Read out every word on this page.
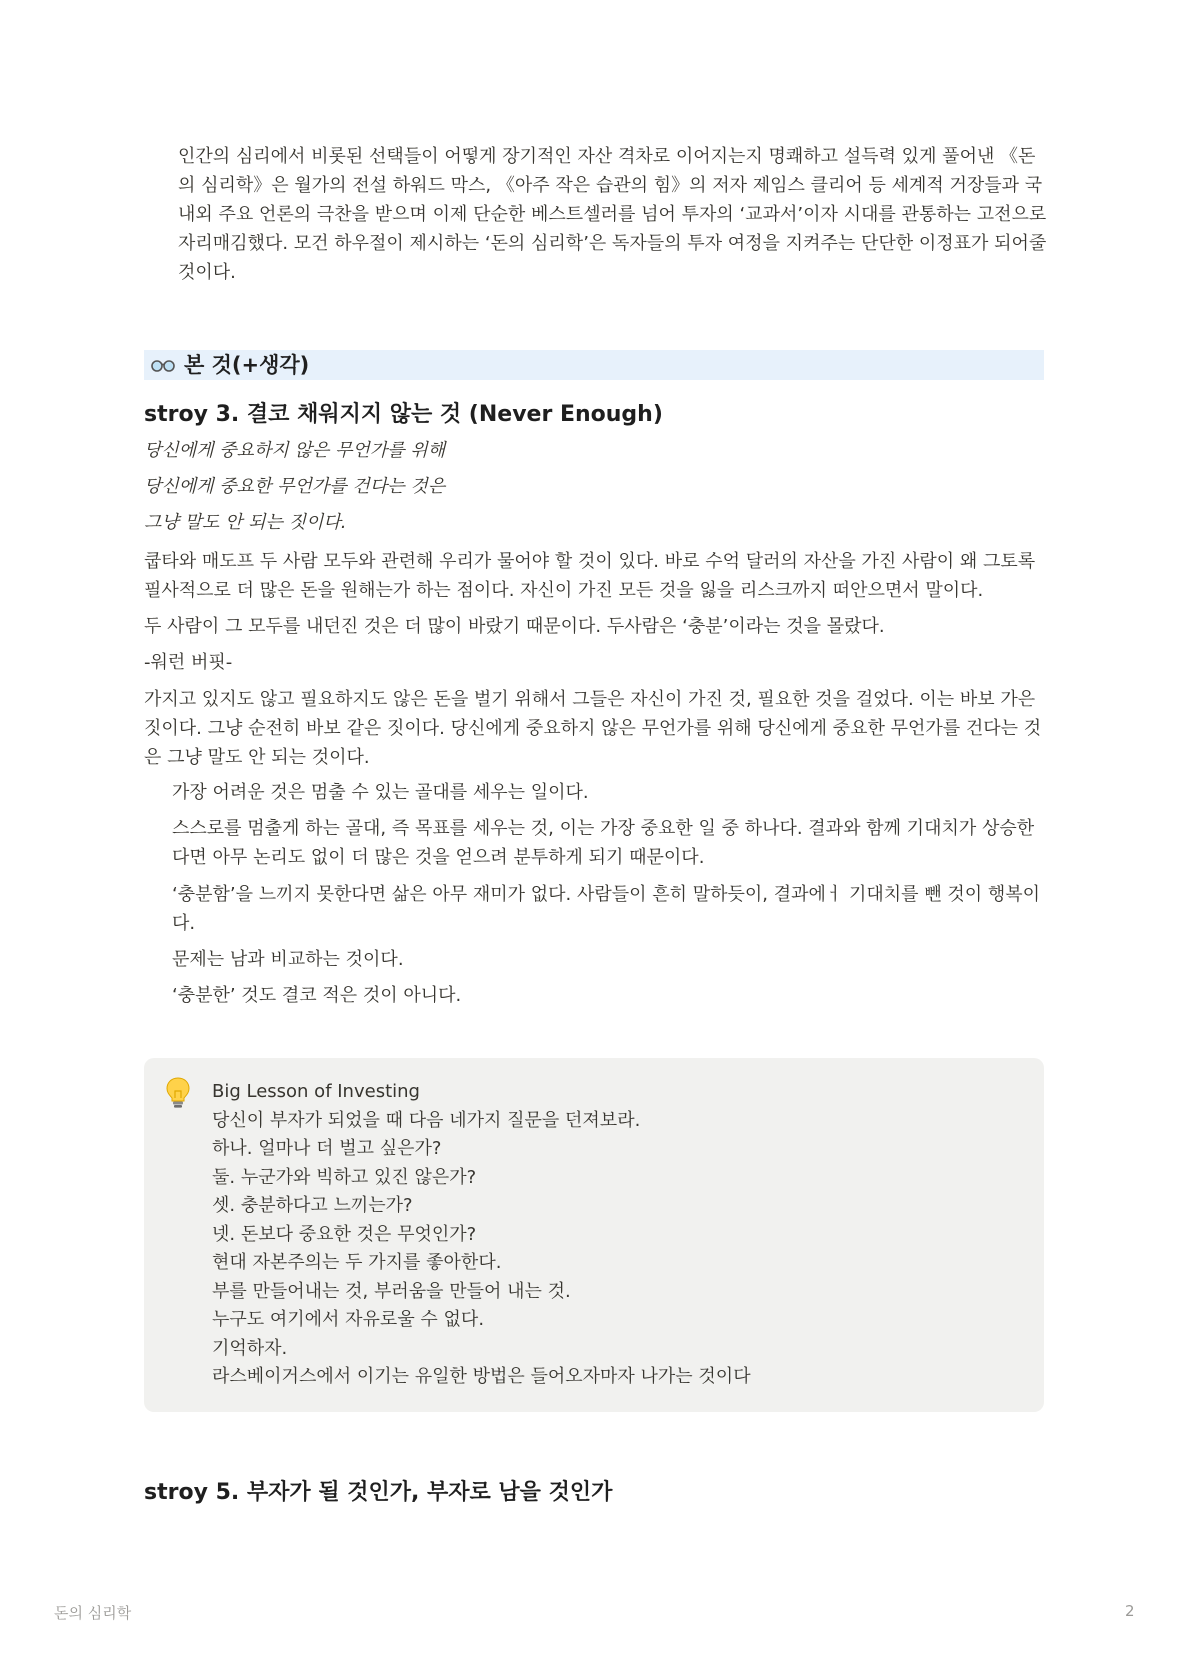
인간의 심리에서 비롯된 선택들이 어떻게 장기적인 자산 격차로 이어지는지 명쾌하고 설득력 있게 풀어낸 《돈의 심리학》은 월가의 전설 하워드 막스, 《아주 작은 습관의 힘》의 저자 제임스 클리어 등 세계적 거장들과 국내외 주요 언론의 극찬을 받으며 이제 단순한 베스트셀러를 넘어 투자의 ‘교과서’이자 시대를 관통하는 고전으로 자리매김했다. 모건 하우절이 제시하는 ‘돈의 심리학’은 독자들의 투자 여정을 지켜주는 단단한 이정표가 되어줄 것이다.

본 것(+생각)
stroy 3. 결코 채워지지 않는 것 (Never Enough)

당신에게 중요하지 않은 무언가를 위해

당신에게 중요한 무언가를 건다는 것은

그냥 말도 안 되는 짓이다.

쿱타와 매도프 두 사람 모두와 관련해 우리가 물어야 할 것이 있다. 바로 수억 달러의 자산을 가진 사람이 왜 그토록 필사적으로 더 많은 돈을 원해는가 하는 점이다. 자신이 가진 모든 것을 잃을 리스크까지 떠안으면서 말이다.

두 사람이 그 모두를 내던진 것은 더 많이 바랐기 때문이다. 두사람은 ‘충분’이라는 것을 몰랐다.

-워런 버핏-

가지고 있지도 않고 필요하지도 않은 돈을 벌기 위해서 그들은 자신이 가진 것, 필요한 것을 걸었다. 이는 바보 가은 짓이다. 그냥 순전히 바보 같은 짓이다. 당신에게 중요하지 않은 무언가를 위해 당신에게 중요한 무언가를 건다는 것은 그냥 말도 안 되는 것이다.

가장 어려운 것은 멈출 수 있는 골대를 세우는 일이다.

스스로를 멈출게 하는 골대, 즉 목표를 세우는 것, 이는 가장 중요한 일 중 하나다. 결과와 함께 기대치가 상승한다면 아무 논리도 없이 더 많은 것을 얻으려 분투하게 되기 때문이다.

‘충분함’을 느끼지 못한다면 삶은 아무 재미가 없다. 사람들이 흔히 말하듯이, 결과에ㅓ 기대치를 뺀 것이 행복이다.

문제는 남과 비교하는 것이다.

‘충분한’ 것도 결코 적은 것이 아니다.

Big Lesson of Investing
당신이 부자가 되었을 때 다음 네가지 질문을 던져보라.
하나. 얼마나 더 벌고 싶은가?
둘. 누군가와 빅하고 있진 않은가?
셋. 충분하다고 느끼는가?
넷. 돈보다 중요한 것은 무엇인가?
현대 자본주의는 두 가지를 좋아한다.
부를 만들어내는 것, 부러움을 만들어 내는 것.
누구도 여기에서 자유로울 수 없다.
기억하자.
라스베이거스에서 이기는 유일한 방법은 들어오자마자 나가는 것이다
stroy 5. 부자가 될 것인가, 부자로 남을 것인가
돈의 심리학	2
